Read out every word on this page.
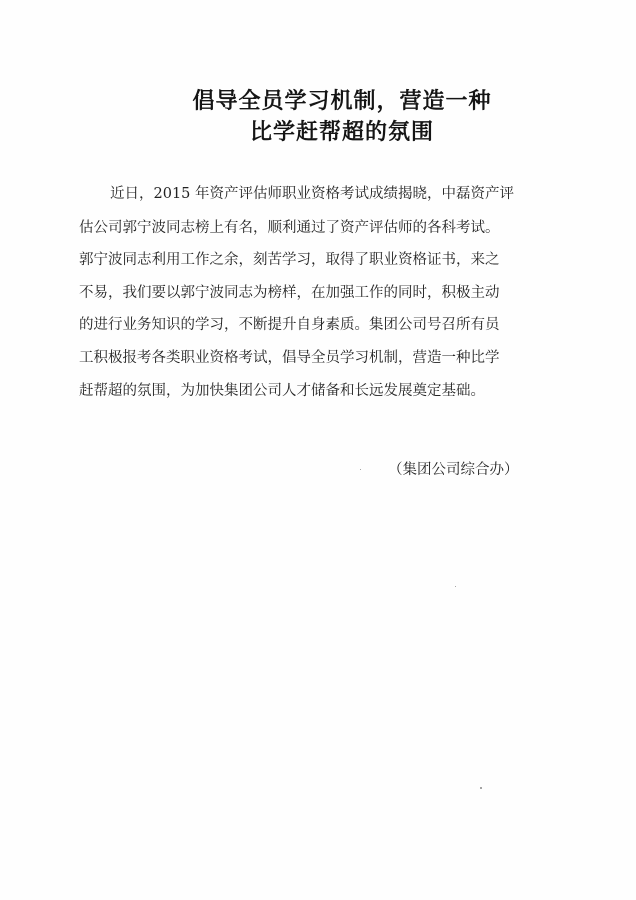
倡导全员学习机制，营造一种
比学赶帮超的氛围
近日，2015 年资产评估师职业资格考试成绩揭晓，中磊资产评
估公司郭宁波同志榜上有名，顺利通过了资产评估师的各科考试。
郭宁波同志利用工作之余，刻苦学习，取得了职业资格证书，来之
不易，我们要以郭宁波同志为榜样，在加强工作的同时，积极主动
的进行业务知识的学习，不断提升自身素质。集团公司号召所有员
工积极报考各类职业资格考试，倡导全员学习机制，营造一种比学
赶帮超的氛围，为加快集团公司人才储备和长远发展奠定基础。
（集团公司综合办）
